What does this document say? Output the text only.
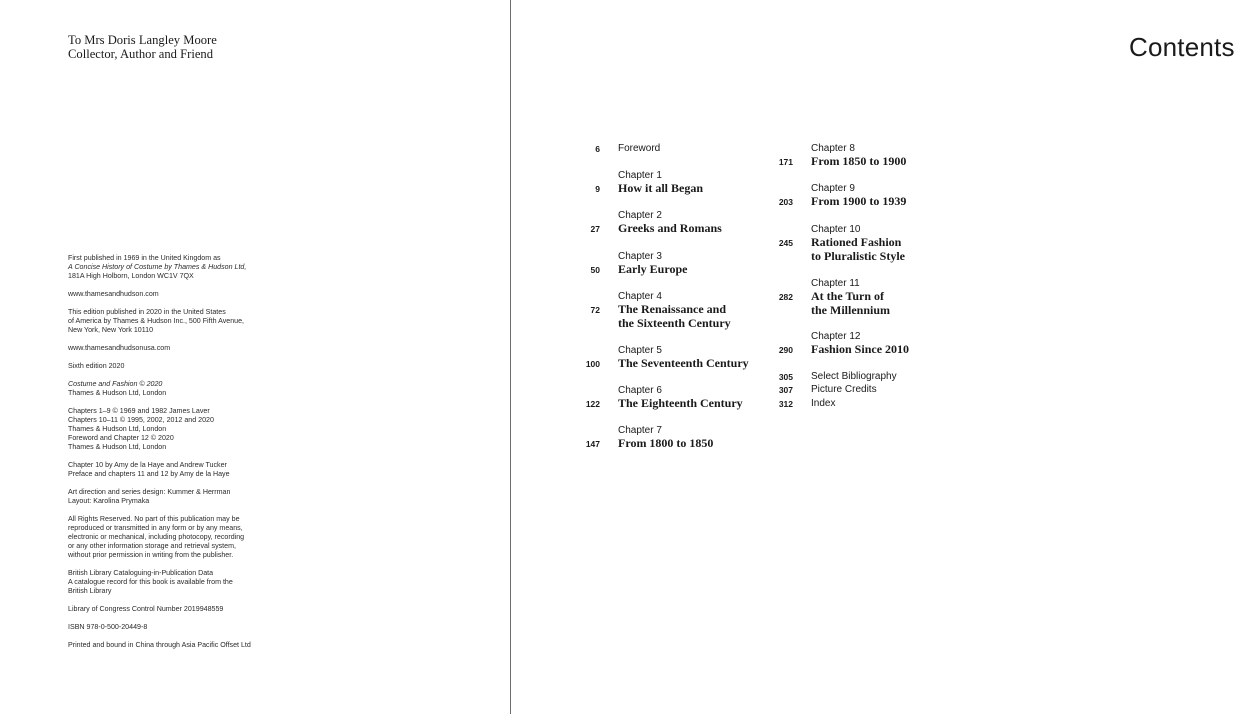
To Mrs Doris Langley Moore
Collector, Author and Friend
First published in 1969 in the United Kingdom as
A Concise History of Costume by Thames & Hudson Ltd,
181A High Holborn, London WC1V 7QX
www.thamesandhudson.com
This edition published in 2020 in the United States
of America by Thames & Hudson Inc., 500 Fifth Avenue,
New York, New York 10110
www.thamesandhudsonusa.com
Sixth edition 2020
Costume and Fashion © 2020
Thames & Hudson Ltd, London
Chapters 1–9 © 1969 and 1982 James Laver
Chapters 10–11 © 1995, 2002, 2012 and 2020
Thames & Hudson Ltd, London
Foreword and Chapter 12 © 2020
Thames & Hudson Ltd, London
Chapter 10 by Amy de la Haye and Andrew Tucker
Preface and chapters 11 and 12 by Amy de la Haye
Art direction and series design: Kummer & Herrman
Layout: Karolina Prymaka
All Rights Reserved. No part of this publication may be
reproduced or transmitted in any form or by any means,
electronic or mechanical, including photocopy, recording
or any other information storage and retrieval system,
without prior permission in writing from the publisher.
British Library Cataloguing-in-Publication Data
A catalogue record for this book is available from the
British Library
Library of Congress Control Number 2019948559
ISBN 978-0-500-20449-8
Printed and bound in China through Asia Pacific Offset Ltd
Contents
6 Foreword
Chapter 1
9 How it all Began
Chapter 2
27 Greeks and Romans
Chapter 3
50 Early Europe
Chapter 4
72 The Renaissance and
the Sixteenth Century
Chapter 5
100 The Seventeenth Century
Chapter 6
122 The Eighteenth Century
Chapter 7
147 From 1800 to 1850
Chapter 8
171 From 1850 to 1900
Chapter 9
203 From 1900 to 1939
Chapter 10
245 Rationed Fashion
to Pluralistic Style
Chapter 11
282 At the Turn of
the Millennium
Chapter 12
290 Fashion Since 2010
305 Select Bibliography
307 Picture Credits
312 Index
